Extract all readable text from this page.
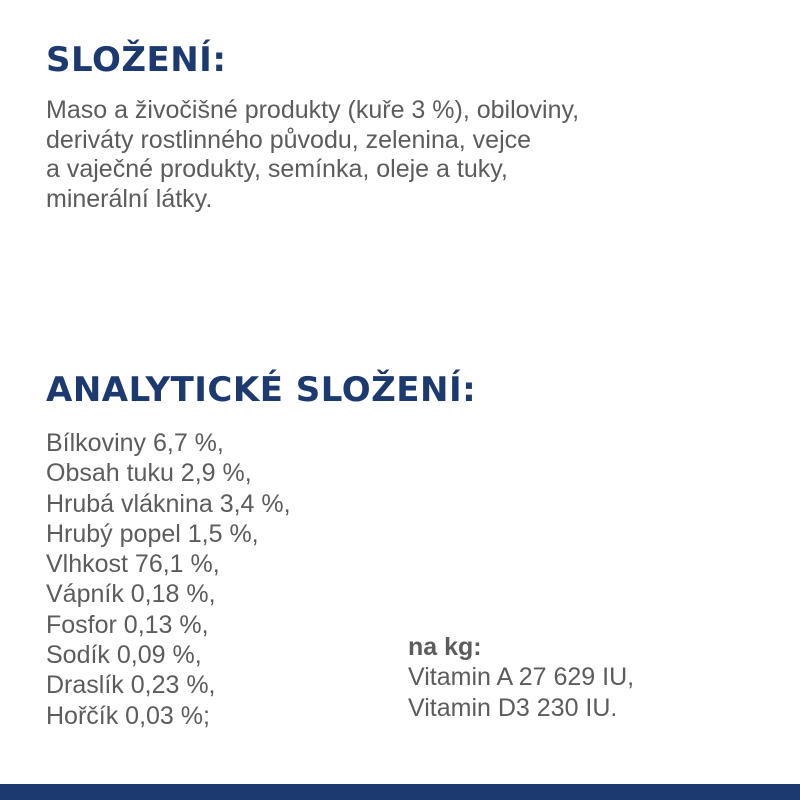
SLOŽENÍ:
Maso a živočišné produkty (kuře 3 %), obiloviny,
deriváty rostlinného původu, zelenina, vejce
a vaječné produkty, semínka, oleje a tuky,
minerální látky.
ANALYTICKÉ SLOŽENÍ:
Bílkoviny 6,7 %,
Obsah tuku 2,9 %,
Hrubá vláknina 3,4 %,
Hrubý popel 1,5 %,
Vlhkost 76,1 %,
Vápník 0,18 %,
Fosfor 0,13 %,
Sodík 0,09 %,
Draslík 0,23 %,
Hořčík 0,03 %;
na kg:
Vitamin A 27 629 IU,
Vitamin D3 230 IU.
